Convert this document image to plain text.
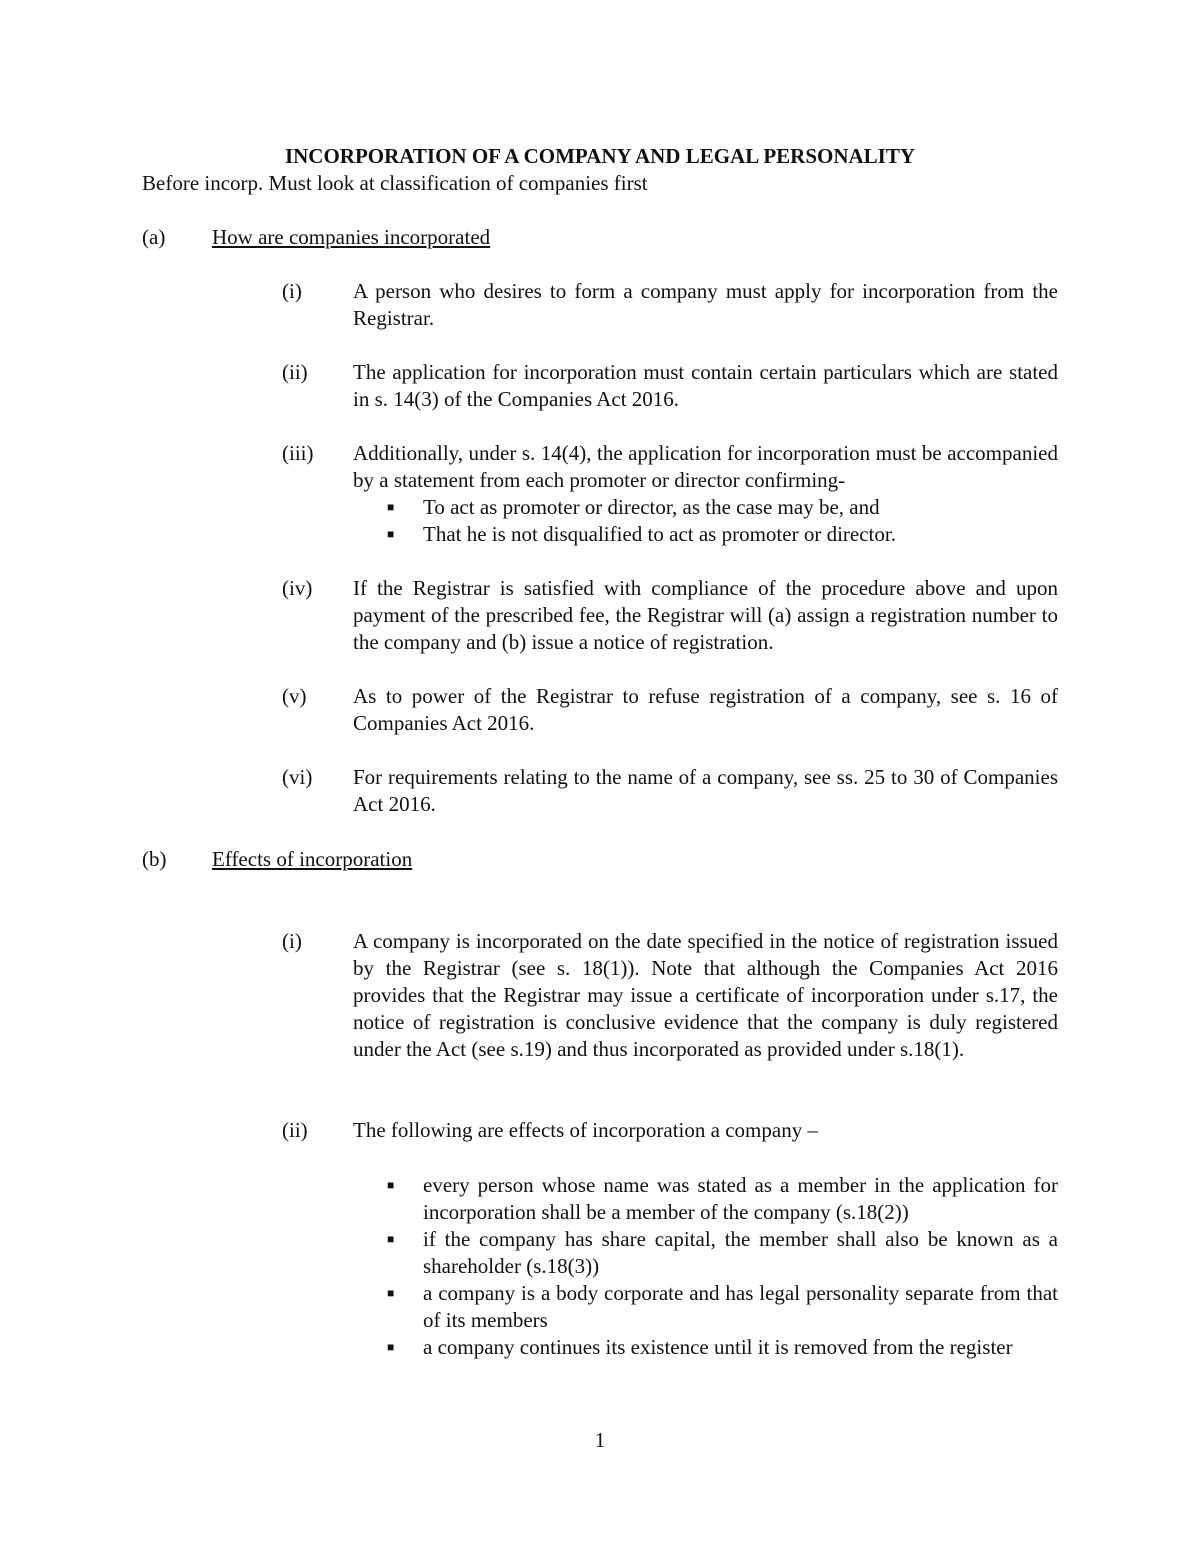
INCORPORATION OF A COMPANY AND LEGAL PERSONALITY

Before incorp. Must look at classification of companies first

(a) How are companies incorporated
(i) A person who desires to form a company must apply for incorporation from the Registrar.
(ii) The application for incorporation must contain certain particulars which are stated in s. 14(3) of the Companies Act 2016.
(iii) Additionally, under s. 14(4), the application for incorporation must be accompanied by a statement from each promoter or director confirming-
■ To act as promoter or director, as the case may be, and
■ That he is not disqualified to act as promoter or director.
(iv) If the Registrar is satisfied with compliance of the procedure above and upon payment of the prescribed fee, the Registrar will (a) assign a registration number to the company and (b) issue a notice of registration.
(v) As to power of the Registrar to refuse registration of a company, see s. 16 of Companies Act 2016.
(vi) For requirements relating to the name of a company, see ss. 25 to 30 of Companies Act 2016.
(b) Effects of incorporation
(i) A company is incorporated on the date specified in the notice of registration issued by the Registrar (see s. 18(1)). Note that although the Companies Act 2016 provides that the Registrar may issue a certificate of incorporation under s.17, the notice of registration is conclusive evidence that the company is duly registered under the Act (see s.19) and thus incorporated as provided under s.18(1).
(ii) The following are effects of incorporation a company –
■ every person whose name was stated as a member in the application for incorporation shall be a member of the company (s.18(2))
■ if the company has share capital, the member shall also be known as a shareholder (s.18(3))
■ a company is a body corporate and has legal personality separate from that of its members
■ a company continues its existence until it is removed from the register
1
